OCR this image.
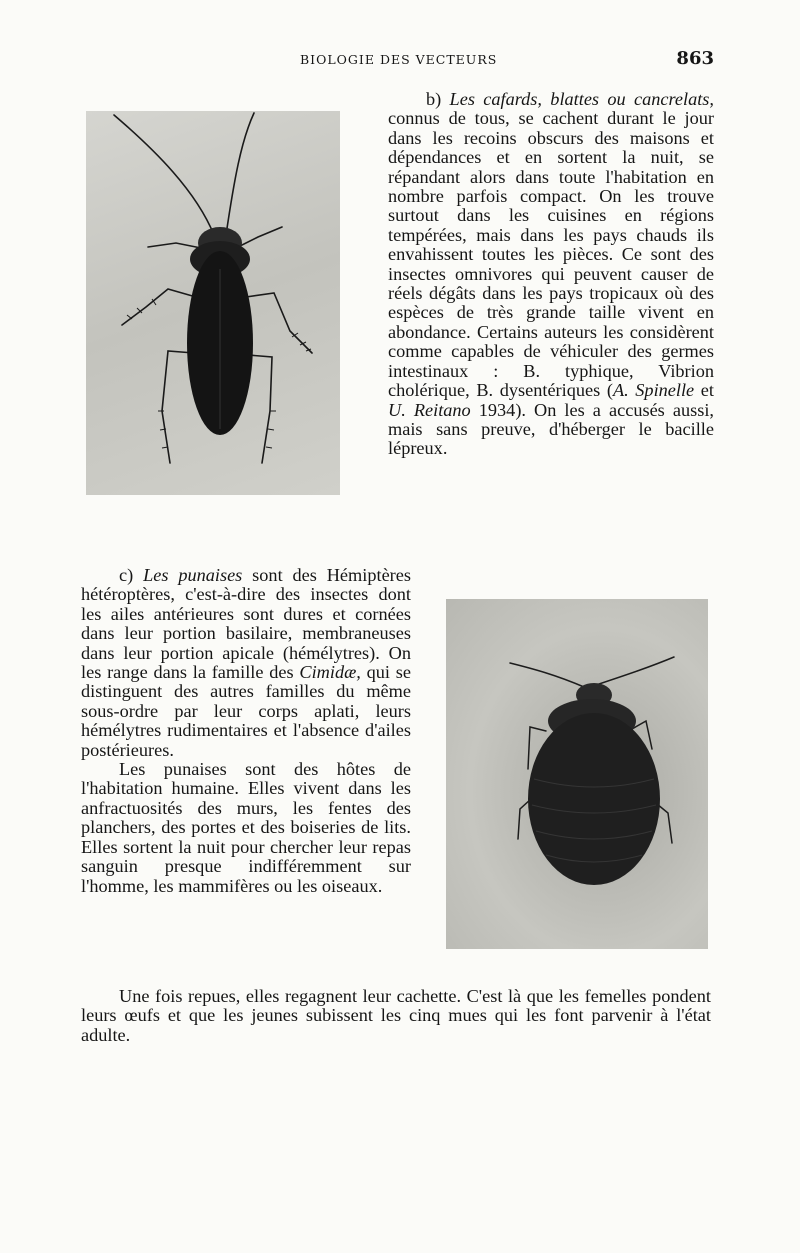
BIOLOGIE DES VECTEURS	863

b) Les cafards, blattes ou cancrelats, connus de tous, se cachent durant le jour dans les recoins obscurs des maisons et dépendances et en sortent la nuit, se répandant alors dans toute l'habitation en nombre parfois compact. On les trouve surtout dans les cuisines en régions tempérées, mais dans les pays chauds ils envahissent toutes les pièces. Ce sont des insectes omnivores qui peuvent causer de réels dégâts dans les pays tropicaux où des espèces de très grande taille vivent en abondance. Certains auteurs les considèrent comme capables de véhiculer des germes intestinaux : B. typhique, Vibrion cholérique, B. dysentériques (A. Spinelle et U. Reitano 1934). On les a accusés aussi, mais sans preuve, d'héberger le bacille lépreux.

c) Les punaises sont des Hémiptères hétéroptères, c'est-à-dire des insectes dont les ailes antérieures sont dures et cornées dans leur portion basilaire, membraneuses dans leur portion apicale (hémélytres). On les range dans la famille des Cimidæ, qui se distinguent des autres familles du même sous-ordre par leur corps aplati, leurs hémélytres rudimentaires et l'absence d'ailes postérieures.

Les punaises sont des hôtes de l'habitation humaine. Elles vivent dans les anfractuosités des murs, les fentes des planchers, des portes et des boiseries de lits. Elles sortent la nuit pour chercher leur repas sanguin presque indifféremment sur l'homme, les mammifères ou les oiseaux.

Une fois repues, elles regagnent leur cachette. C'est là que les femelles pondent leurs œufs et que les jeunes subissent les cinq mues qui les font parvenir à l'état adulte.
